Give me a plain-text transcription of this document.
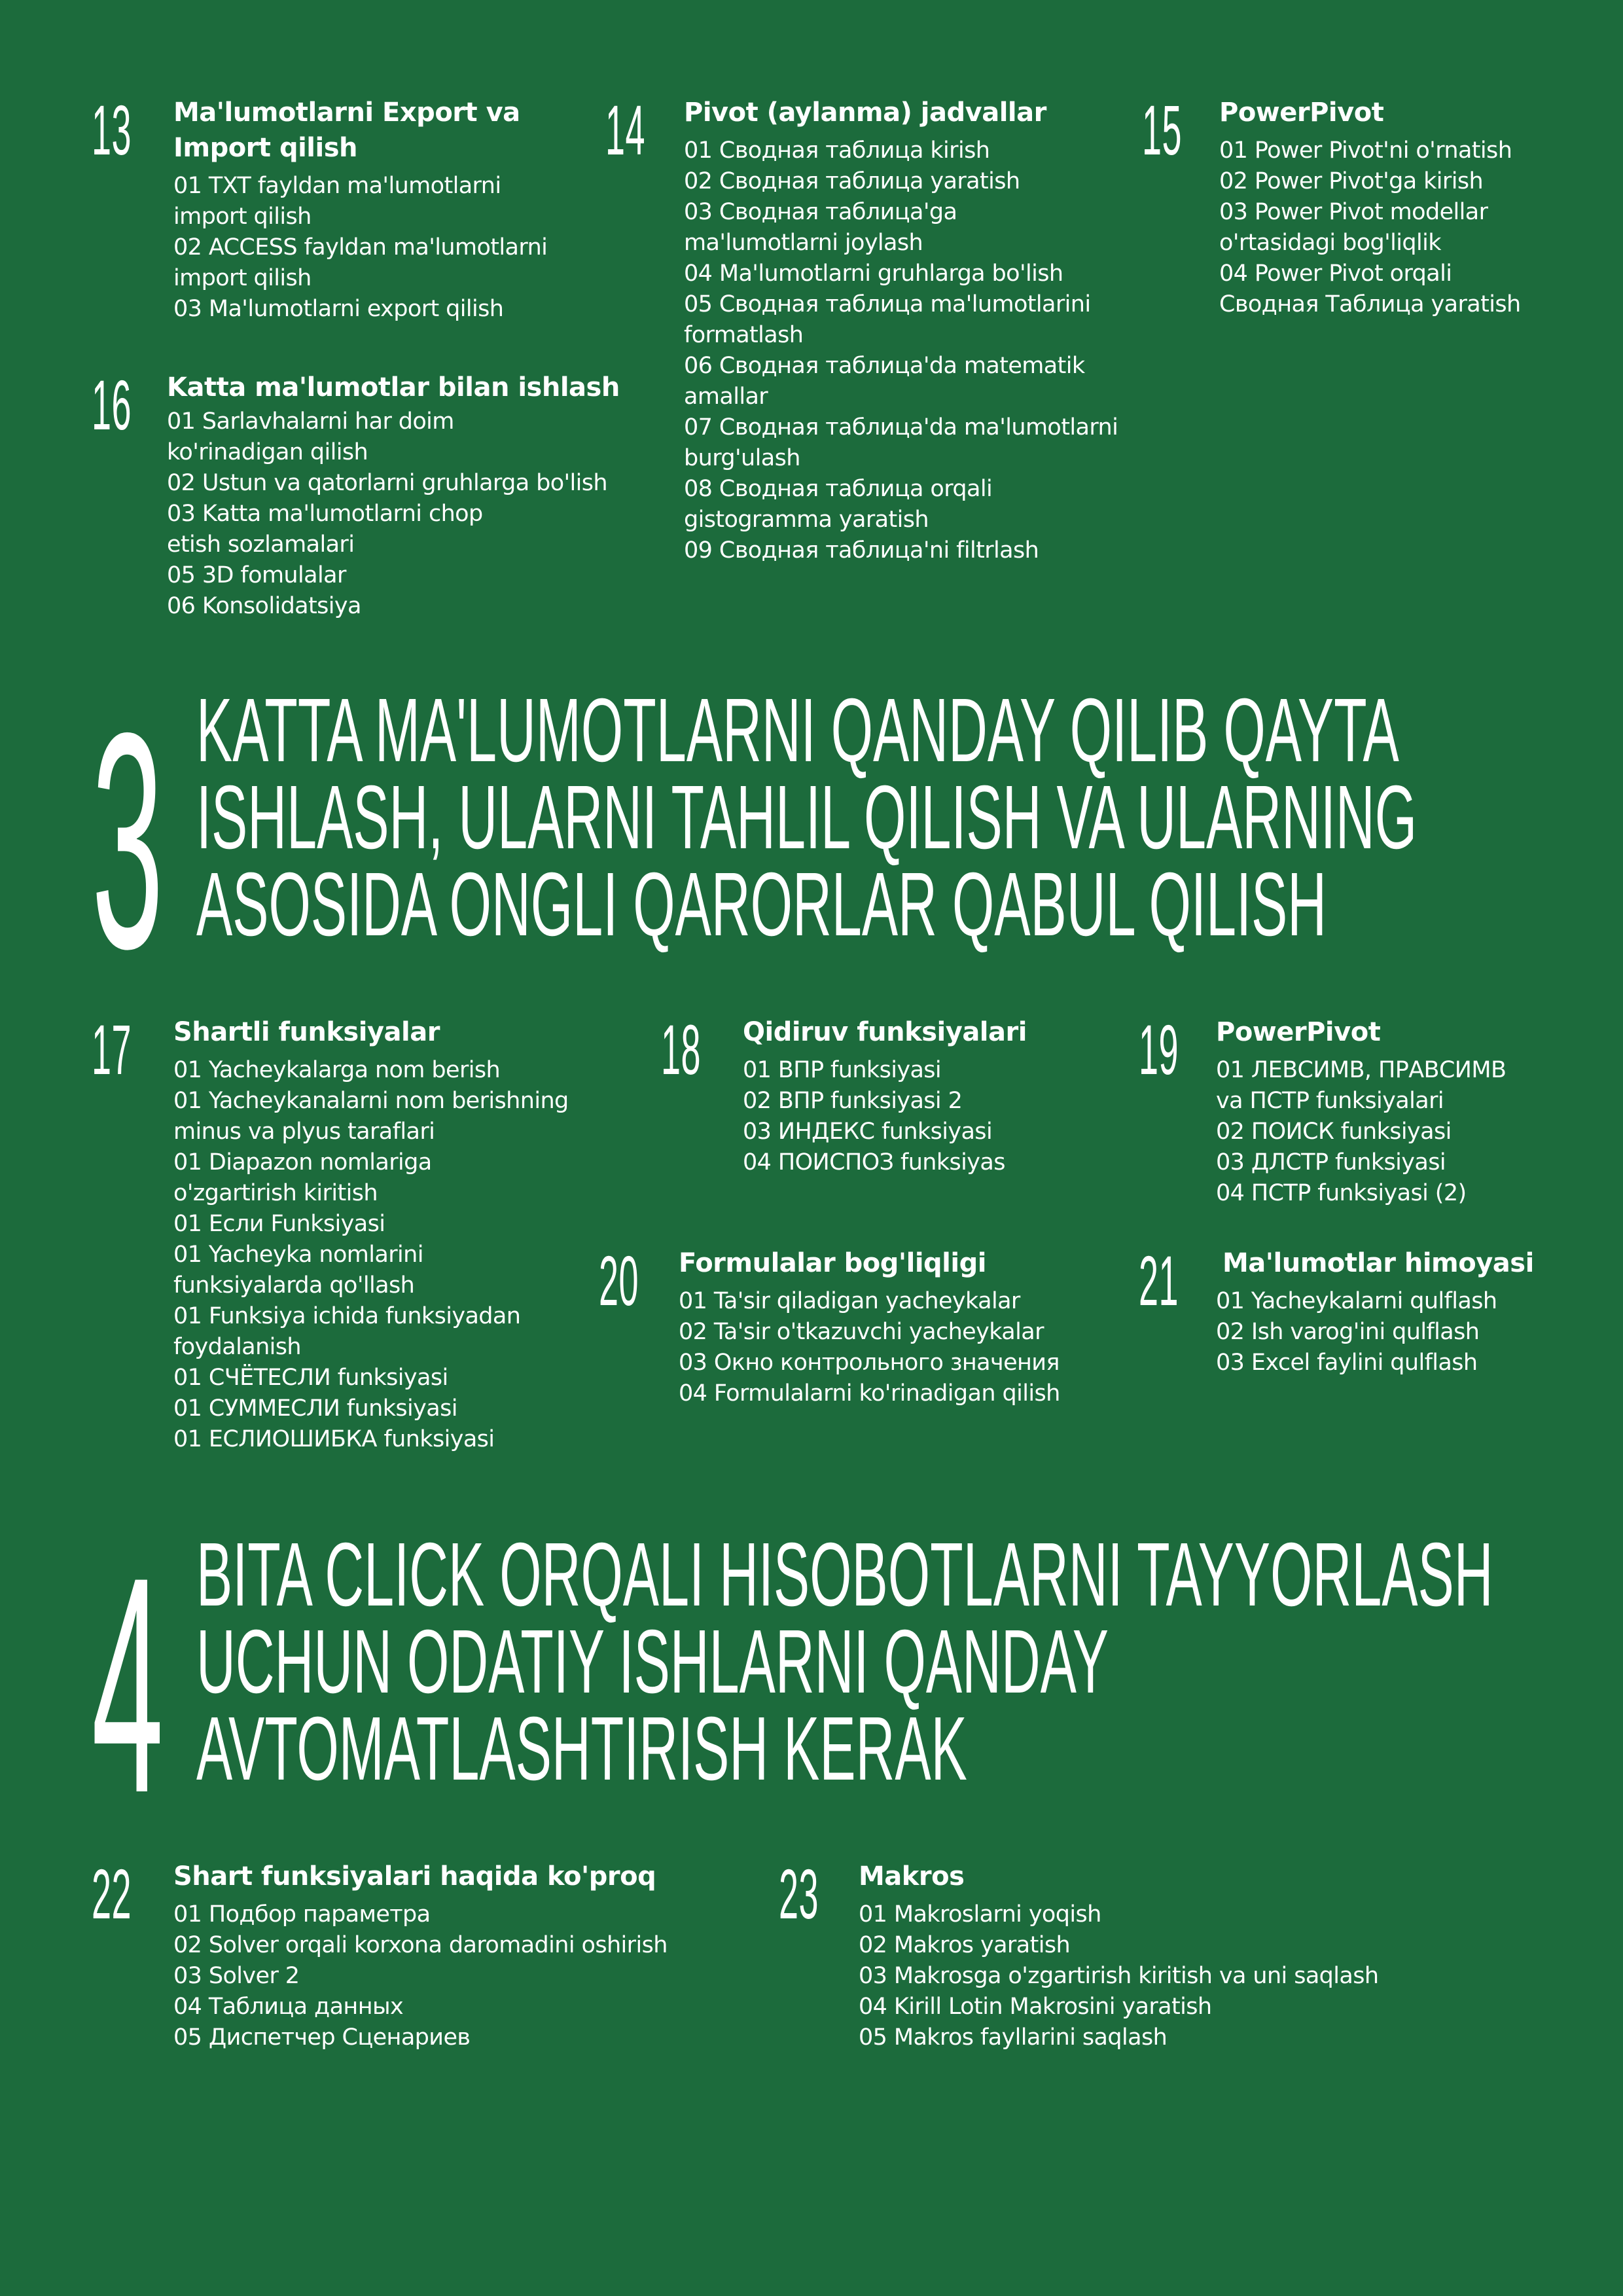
13 Ma'lumotlarni Export va
Import qilish
01 TXT fayldan ma'lumotlarni
import qilish
02 ACCESS fayldan ma'lumotlarni
import qilish
03 Ma'lumotlarni export qilish
14 Pivot (aylanma) jadvallar
01 Сводная таблица kirish
02 Сводная таблица yaratish
03 Сводная таблица'ga
ma'lumotlarni joylash
04 Ma'lumotlarni gruhlarga bo'lish
05 Сводная таблица ma'lumotlarini
formatlash
06 Сводная таблица'da matematik
amallar
07 Сводная таблица'da ma'lumotlarni
burg'ulash
08 Сводная таблица orqali
gistogramma yaratish
09 Сводная таблица'ni filtrlash
15 PowerPivot
01 Power Pivot'ni o'rnatish
02 Power Pivot'ga kirish
03 Power Pivot modellar
o'rtasidagi bog'liqlik
04 Power Pivot orqali
Сводная Таблица yaratish
16 Katta ma'lumotlar bilan ishlash
01 Sarlavhalarni har doim
ko'rinadigan qilish
02 Ustun va qatorlarni gruhlarga bo'lish
03 Katta ma'lumotlarni chop
etish sozlamalari
05 3D fomulalar
06 Konsolidatsiya
3 KATTA MA'LUMOTLARNI QANDAY QILIB QAYTA
ISHLASH, ULARNI TAHLIL QILISH VA ULARNING
ASOSIDA ONGLI QARORLAR QABUL QILISH
17 Shartli funksiyalar
01 Yacheykalarga nom berish
01 Yacheykanalarni nom berishning
minus va plyus taraflari
01 Diapazon nomlariga
o'zgartirish kiritish
01 Если Funksiyasi
01 Yacheyka nomlarini
funksiyalarda qo'llash
01 Funksiya ichida funksiyadan
foydalanish
01 СЧЁТЕСЛИ funksiyasi
01 СУММЕСЛИ funksiyasi
01 ЕСЛИОШИБКА funksiyasi
18 Qidiruv funksiyalari
01 ВПР funksiyasi
02 ВПР funksiyasi 2
03 ИНДЕКС funksiyasi
04 ПОИСПОЗ funksiyas
19 PowerPivot
01 ЛЕВСИМВ, ПРАВСИМВ
va ПСТР funksiyalari
02 ПОИСК funksiyasi
03 ДЛСТР funksiyasi
04 ПСТР funksiyasi (2)
20 Formulalar bog'liqligi
01 Ta'sir qiladigan yacheykalar
02 Ta'sir o'tkazuvchi yacheykalar
03 Окно контрольного значения
04 Formulalarni ko'rinadigan qilish
21 Ma'lumotlar himoyasi
01 Yacheykalarni qulflash
02 Ish varog'ini qulflash
03 Excel faylini qulflash
4 BITA CLICK ORQALI HISOBOTLARNI TAYYORLASH
UCHUN ODATIY ISHLARNI QANDAY
AVTOMATLASHTIRISH KERAK
22 Shart funksiyalari haqida ko'proq
01 Подбор параметра
02 Solver orqali korxona daromadini oshirish
03 Solver 2
04 Таблица данных
05 Диспетчер Сценариев
23 Makros
01 Makroslarni yoqish
02 Makros yaratish
03 Makrosga o'zgartirish kiritish va uni saqlash
04 Kirill Lotin Makrosini yaratish
05 Makros fayllarini saqlash
